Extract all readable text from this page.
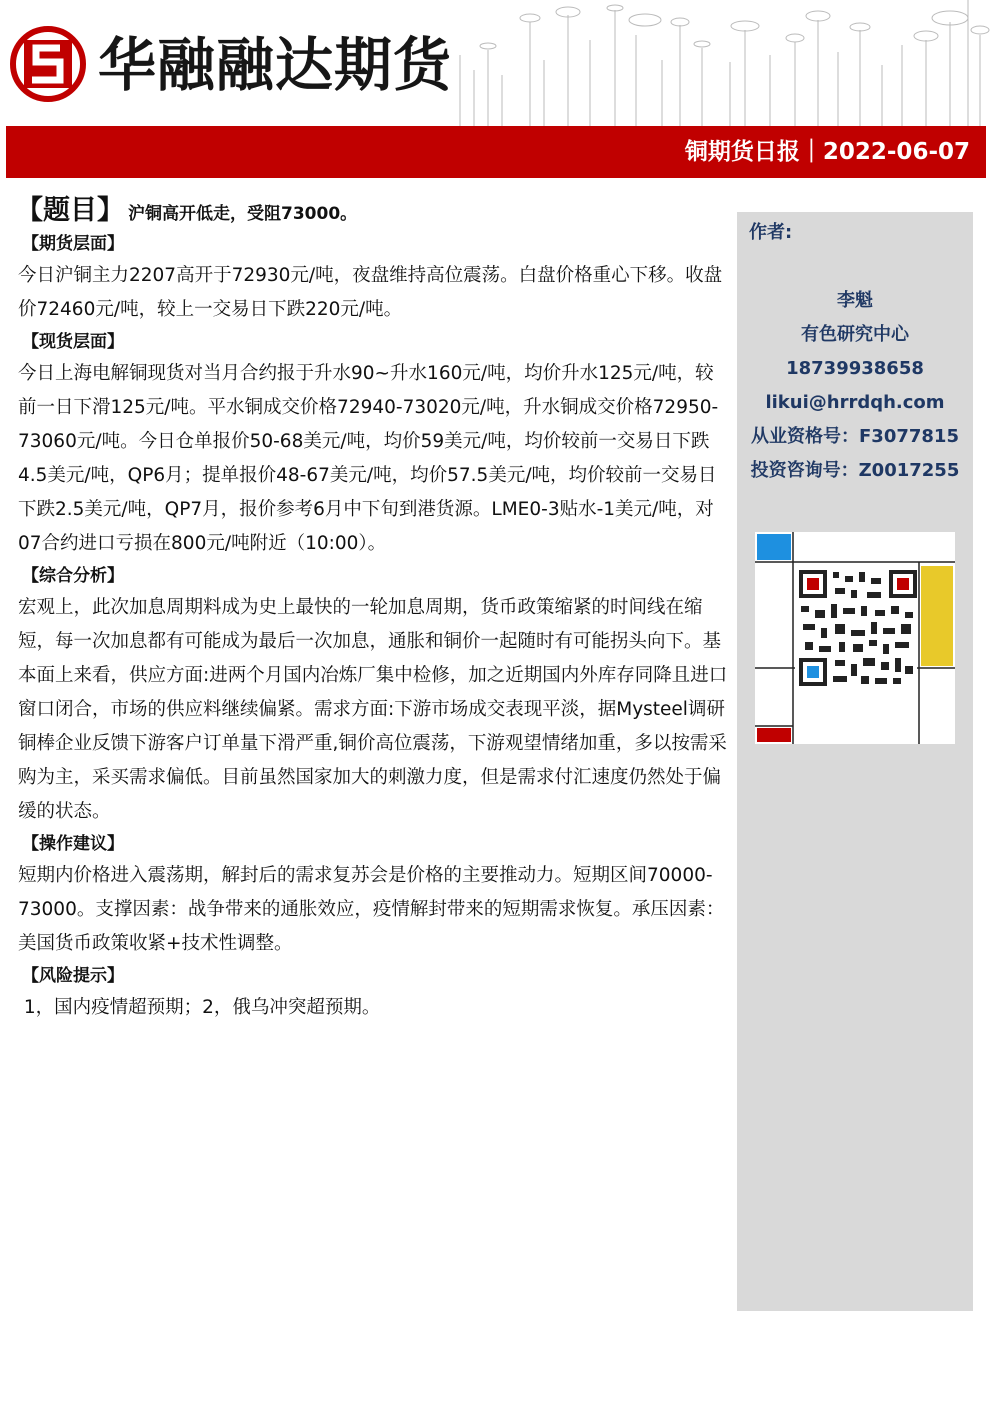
华融融达期货
铜期货日报｜2022-06-07
【题目】 沪铜高开低走，受阻73000。
【期货层面】

今日沪铜主力2207高开于72930元/吨，夜盘维持高位震荡。白盘价格重心下移。收盘价72460元/吨，较上一交易日下跌220元/吨。

【现货层面】

今日上海电解铜现货对当月合约报于升水90~升水160元/吨，均价升水125元/吨，较前一日下滑125元/吨。平水铜成交价格72940-73020元/吨，升水铜成交价格72950-73060元/吨。今日仓单报价50-68美元/吨，均价59美元/吨，均价较前一交易日下跌4.5美元/吨，QP6月；提单报价48-67美元/吨，均价57.5美元/吨，均价较前一交易日下跌2.5美元/吨，QP7月，报价参考6月中下旬到港货源。LME0-3贴水-1美元/吨，对07合约进口亏损在800元/吨附近（10:00）。

【综合分析】

宏观上，此次加息周期料成为史上最快的一轮加息周期，货币政策缩紧的时间线在缩短，每一次加息都有可能成为最后一次加息，通胀和铜价一起随时有可能拐头向下。基本面上来看，供应方面:进两个月国内冶炼厂集中检修，加之近期国内外库存同降且进口窗口闭合，市场的供应料继续偏紧。需求方面:下游市场成交表现平淡，据Mysteel调研铜棒企业反馈下游客户订单量下滑严重,铜价高位震荡，下游观望情绪加重，多以按需采购为主，采买需求偏低。目前虽然国家加大的刺激力度，但是需求付汇速度仍然处于偏缓的状态。

【操作建议】

短期内价格进入震荡期，解封后的需求复苏会是价格的主要推动力。短期区间70000-73000。支撑因素：战争带来的通胀效应，疫情解封带来的短期需求恢复。承压因素：美国货币政策收紧+技术性调整。

【风险提示】

1，国内疫情超预期；2，俄乌冲突超预期。

作者:
李魁
有色研究中心
18739938658
likui@hrrdqh.com
从业资格号：F3077815
投资咨询号：Z0017255
